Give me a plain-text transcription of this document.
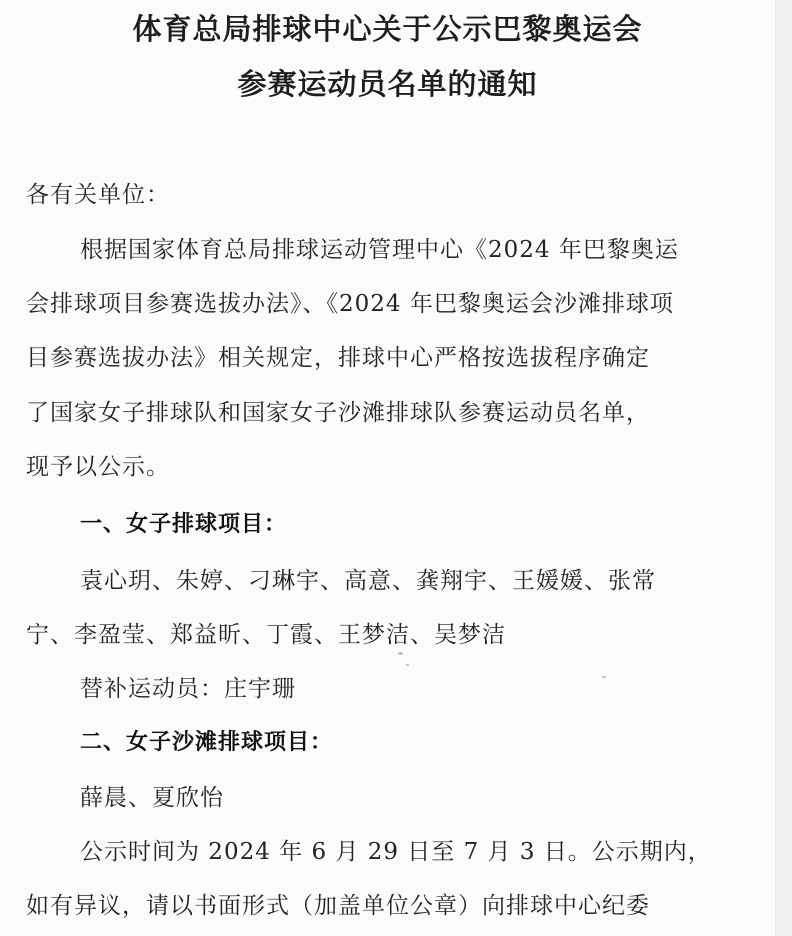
体育总局排球中心关于公示巴黎奥运会
参赛运动员名单的通知
各有关单位：
根据国家体育总局排球运动管理中心《2024 年巴黎奥运
会排球项目参赛选拔办法》、《2024 年巴黎奥运会沙滩排球项
目参赛选拔办法》相关规定，排球中心严格按选拔程序确定
了国家女子排球队和国家女子沙滩排球队参赛运动员名单，
现予以公示。
一、女子排球项目：
袁心玥、朱婷、刁琳宇、高意、龚翔宇、王媛媛、张常
宁、李盈莹、郑益昕、丁霞、王梦洁、吴梦洁
替补运动员：庄宇珊
二、女子沙滩排球项目：
薛晨、夏欣怡
公示时间为 2024 年 6 月 29 日至 7 月 3 日。公示期内，
如有异议，请以书面形式（加盖单位公章）向排球中心纪委
